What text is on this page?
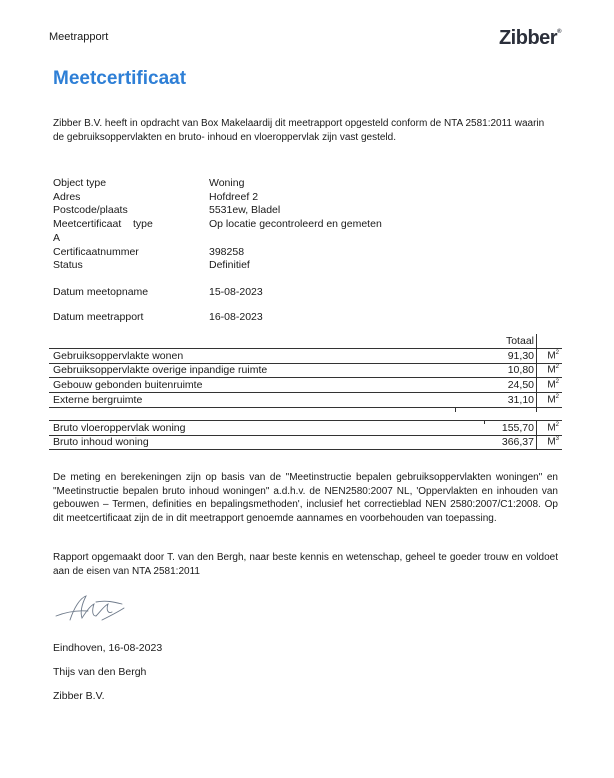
Meetrapport	Zibber®
Meetcertificaat
Zibber B.V. heeft in opdracht van Box Makelaardij dit meetrapport opgesteld conform de NTA 2581:2011 waarin de gebruiksoppervlakten en bruto- inhoud en vloeroppervlak zijn vast gesteld.
Object type	Woning
Adres	Hofdreef 2
Postcode/plaats	5531ew, Bladel
Meetcertificaat    type	Op locatie gecontroleerd en gemeten
A
Certificaatnummer	398258
Status	Definitief
Datum meetopname	15-08-2023
Datum meetrapport	16-08-2023
Totaal
Gebruiksoppervlakte wonen	91,30 $M^2$
Gebruiksoppervlakte overige inpandige ruimte	10,80 $M^2$
Gebouw gebonden buitenruimte	24,50 $M^2$
Externe bergruimte	31,10 $M^2$
Bruto vloeroppervlak woning	155,70 $M^2$
Bruto inhoud woning	366,37 $M^3$
De meting en berekeningen zijn op basis van de "Meetinstructie bepalen gebruiksoppervlakten woningen" en "Meetinstructie bepalen bruto inhoud woningen" a.d.h.v. de NEN2580:2007 NL, 'Oppervlakten en inhouden van gebouwen – Termen, definities en bepalingsmethoden', inclusief het correctieblad NEN 2580:2007/C1:2008. Op dit meetcertificaat zijn de in dit meetrapport genoemde aannames en voorbehouden van toepassing.
Rapport opgemaakt door T. van den Bergh, naar beste kennis en wetenschap, geheel te goeder trouw en voldoet aan de eisen van NTA 2581:2011
Eindhoven, 16-08-2023
Thijs van den Bergh
Zibber B.V.
